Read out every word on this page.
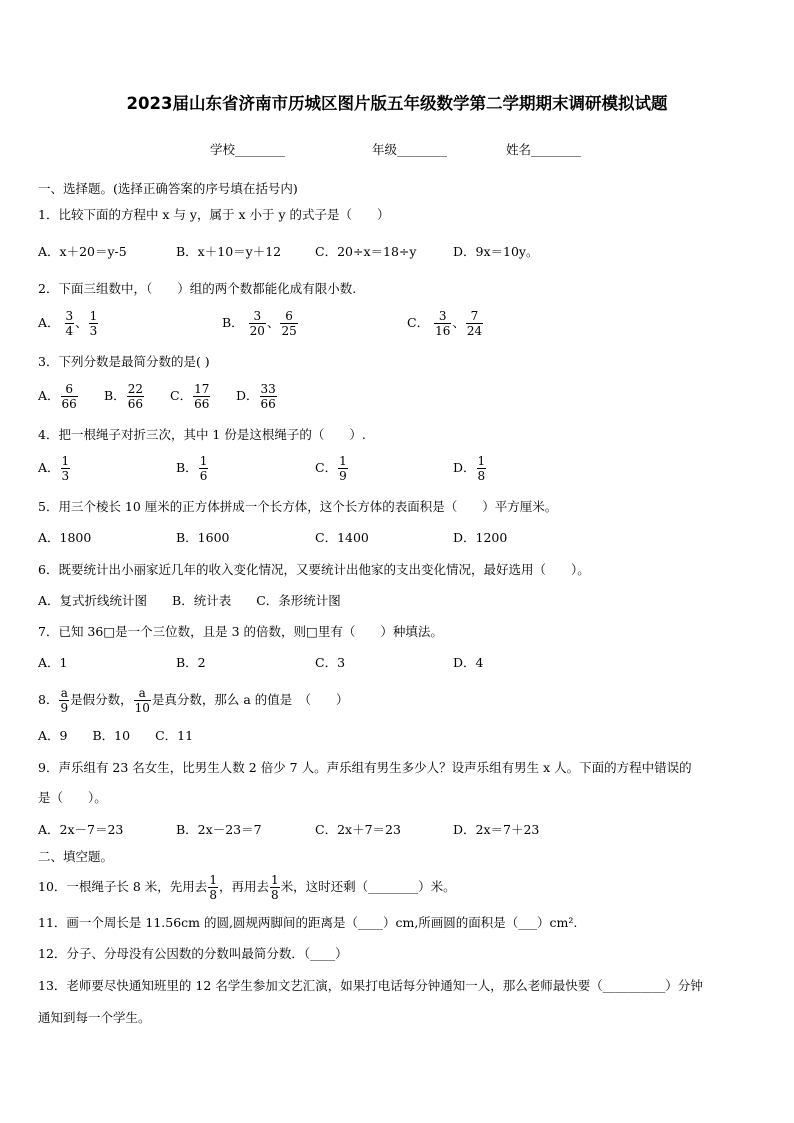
2023届山东省济南市历城区图片版五年级数学第二学期期末调研模拟试题
学校________	年级________	姓名________
一、选择题。(选择正确答案的序号填在括号内)
1．比较下面的方程中 x 与 y，属于 x 小于 y 的式子是（　　）
A．x＋20＝y-5	B．x＋10＝y＋12	C．20÷x＝18÷y	D．9x＝10y。
2．下面三组数中，（　　）组的两个数都能化成有限小数.
A． $\frac{3}{4}$ 、 $\frac{1}{3}$	B． $\frac{3}{20}$ 、 $\frac{6}{25}$	C． $\frac{3}{16}$ 、 $\frac{7}{24}$
3．下列分数是最简分数的是( )
A． $\frac{6}{66}$ B． $\frac{22}{66}$ C． $\frac{17}{66}$ D． $\frac{33}{66}$
4．把一根绳子对折三次，其中 1 份是这根绳子的（　　）.
A． $\frac{1}{3}$	B． $\frac{1}{6}$	C． $\frac{1}{9}$	D． $\frac{1}{8}$
5．用三个棱长 10 厘米的正方体拼成一个长方体，这个长方体的表面积是（　　）平方厘米。
A．1800	B．1600	C．1400	D．1200
6．既要统计出小丽家近几年的收入变化情况，又要统计出他家的支出变化情况，最好选用（　　）。
A．复式折线统计图　　B．统计表　　C．条形统计图
7．已知 36□是一个三位数，且是 3 的倍数，则□里有（　　）种填法。
A．1	B．2	C．3	D．4
8． $\frac{a}{9}$ 是假分数， $\frac{a}{10}$ 是真分数，那么 a 的值是　（　　）
A．9　　B．10　　C．11
9．声乐组有 23 名女生，比男生人数 2 倍少 7 人。声乐组有男生多少人？设声乐组有男生 x 人。下面的方程中错误的
是（　　）。
A．2x－7＝23	B．2x－23＝7	C．2x＋7＝23	D．2x＝7＋23
二、填空题。
10．一根绳子长 8 米，先用去 $\frac{1}{8}$ ，再用去 $\frac{1}{8}$ 米，这时还剩（________）米。
11．画一个周长是 11.56cm 的圆,圆规两脚间的距离是（____）cm,所画圆的面积是（___）cm².
12．分子、分母没有公因数的分数叫最简分数．（____）
13．老师要尽快通知班里的 12 名学生参加文艺汇演，如果打电话每分钟通知一人，那么老师最快要（__________）分钟
通知到每一个学生。
